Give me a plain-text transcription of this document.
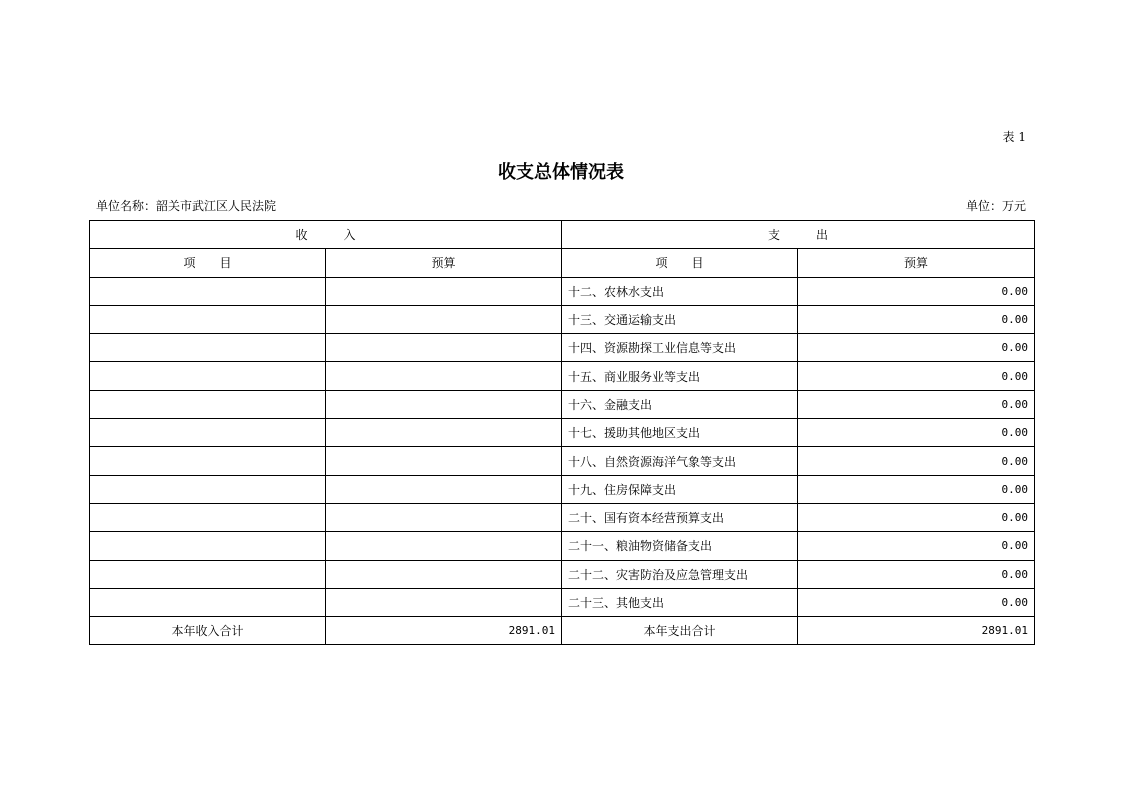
表 1
收支总体情况表
单位名称：韶关市武江区人民法院	单位：万元
收　　　入		支　　　出	
项　　目	预算	项　　目	预算
		十二、农林水支出	0.00
		十三、交通运输支出	0.00
		十四、资源勘探工业信息等支出	0.00
		十五、商业服务业等支出	0.00
		十六、金融支出	0.00
		十七、援助其他地区支出	0.00
		十八、自然资源海洋气象等支出	0.00
		十九、住房保障支出	0.00
		二十、国有资本经营预算支出	0.00
		二十一、粮油物资储备支出	0.00
		二十二、灾害防治及应急管理支出	0.00
		二十三、其他支出	0.00
本年收入合计	2891.01	本年支出合计	2891.01
